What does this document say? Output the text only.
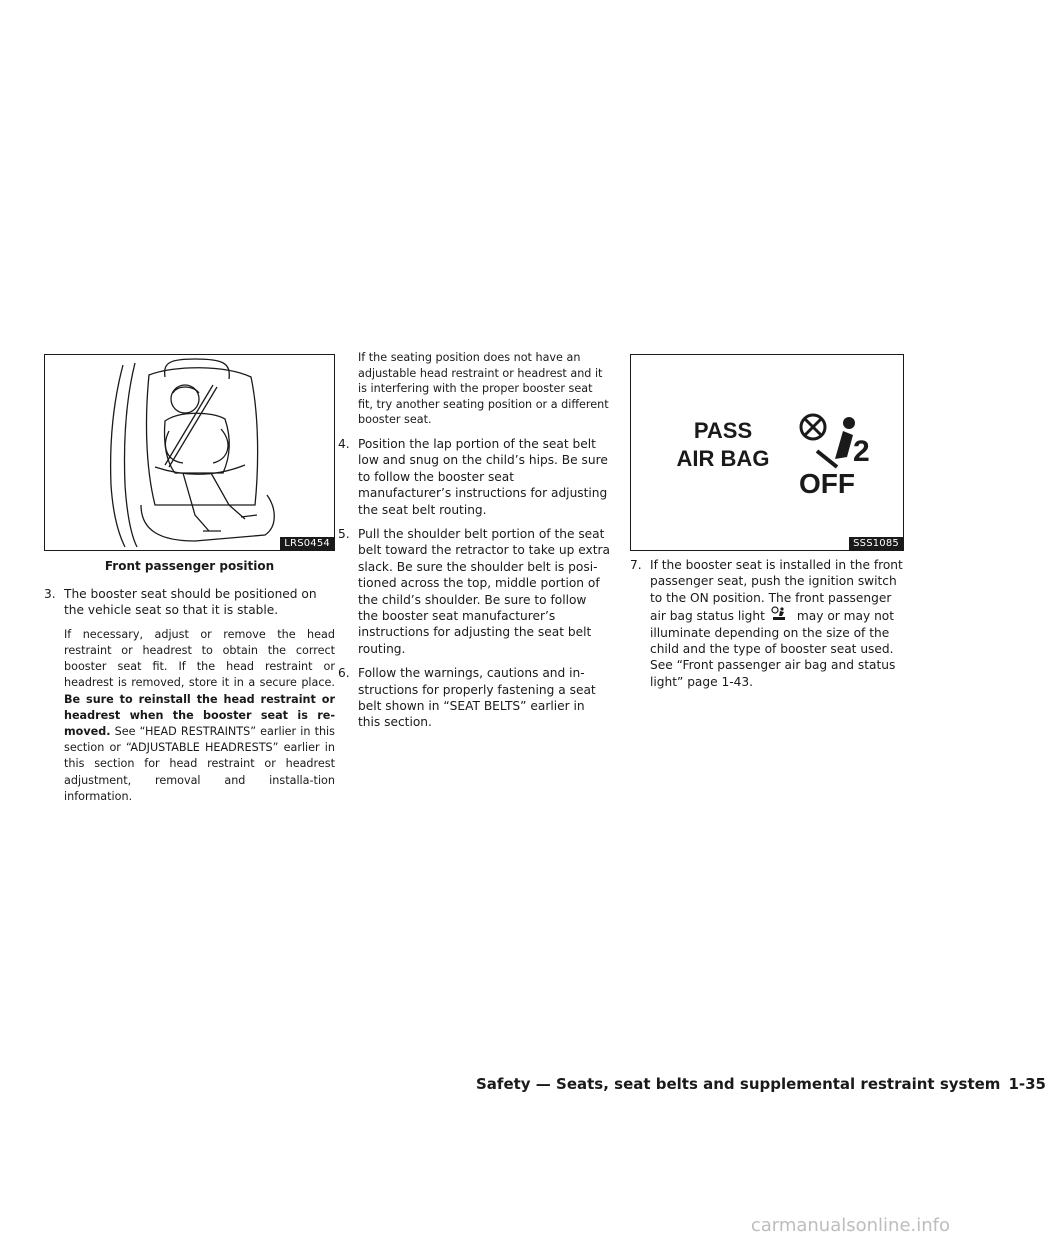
LRS0454
Front passenger position
3. The booster seat should be positioned on the vehicle seat so that it is stable.

If necessary, adjust or remove the head restraint or headrest to obtain the correct booster seat fit. If the head restraint or headrest is removed, store it in a secure place. Be sure to reinstall the head restraint or headrest when the booster seat is re-moved. See “HEAD RESTRAINTS” earlier in this section or “ADJUSTABLE HEADRESTS” earlier in this section for head restraint or headrest adjustment, removal and installa-tion information.

If the seating position does not have an adjustable head restraint or headrest and it is interfering with the proper booster seat fit, try another seating position or a different booster seat.

4. Position the lap portion of the seat belt low and snug on the child’s hips. Be sure to follow the booster seat manufacturer’s instructions for adjusting the seat belt routing.

5. Pull the shoulder belt portion of the seat belt toward the retractor to take up extra slack. Be sure the shoulder belt is posi-tioned across the top, middle portion of the child’s shoulder. Be sure to follow the booster seat manufacturer’s instructions for adjusting the seat belt routing.

6. Follow the warnings, cautions and in-structions for properly fastening a seat belt shown in “SEAT BELTS” earlier in this section.

PASS
AIR BAG	2
OFF
SSS1085
7. If the booster seat is installed in the front passenger seat, push the ignition switch to the ON position. The front passenger air bag status light	may or may not illuminate depending on the size of the child and the type of booster seat used. See “Front passenger air bag and status light” page 1-43.

Safety — Seats, seat belts and supplemental restraint system 1-35
carmanualsonline.info
